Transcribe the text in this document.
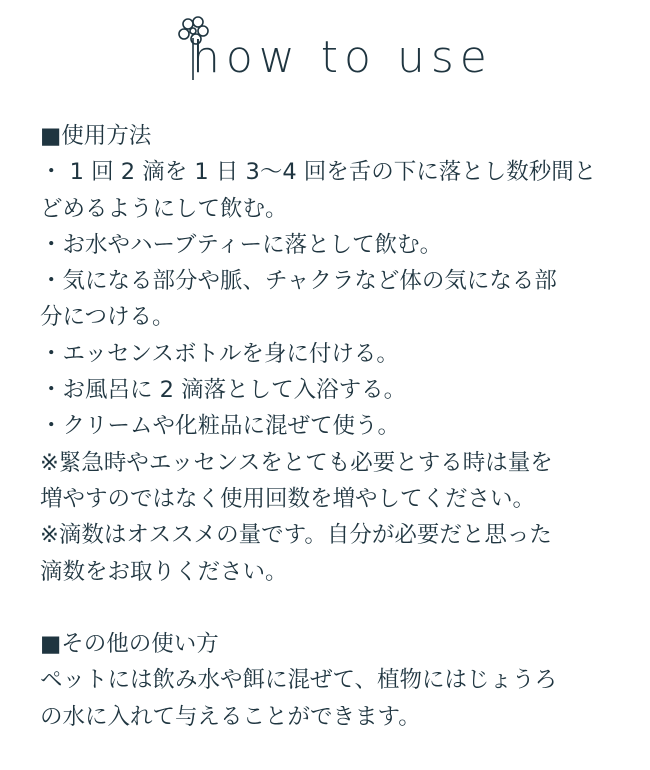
how to use
■使用方法
・ 1 回 2 滴を 1 日 3〜4 回を舌の下に落とし数秒間と
どめるようにして飲む。
・お水やハーブティーに落として飲む。
・気になる部分や脈、チャクラなど体の気になる部
分につける。
・エッセンスボトルを身に付ける。
・お風呂に 2 滴落として入浴する。
・クリームや化粧品に混ぜて使う。
※緊急時やエッセンスをとても必要とする時は量を
増やすのではなく使用回数を増やしてください。
※滴数はオススメの量です。自分が必要だと思った
滴数をお取りください。
■その他の使い方
ペットには飲み水や餌に混ぜて、植物にはじょうろ
の水に入れて与えることができます。
